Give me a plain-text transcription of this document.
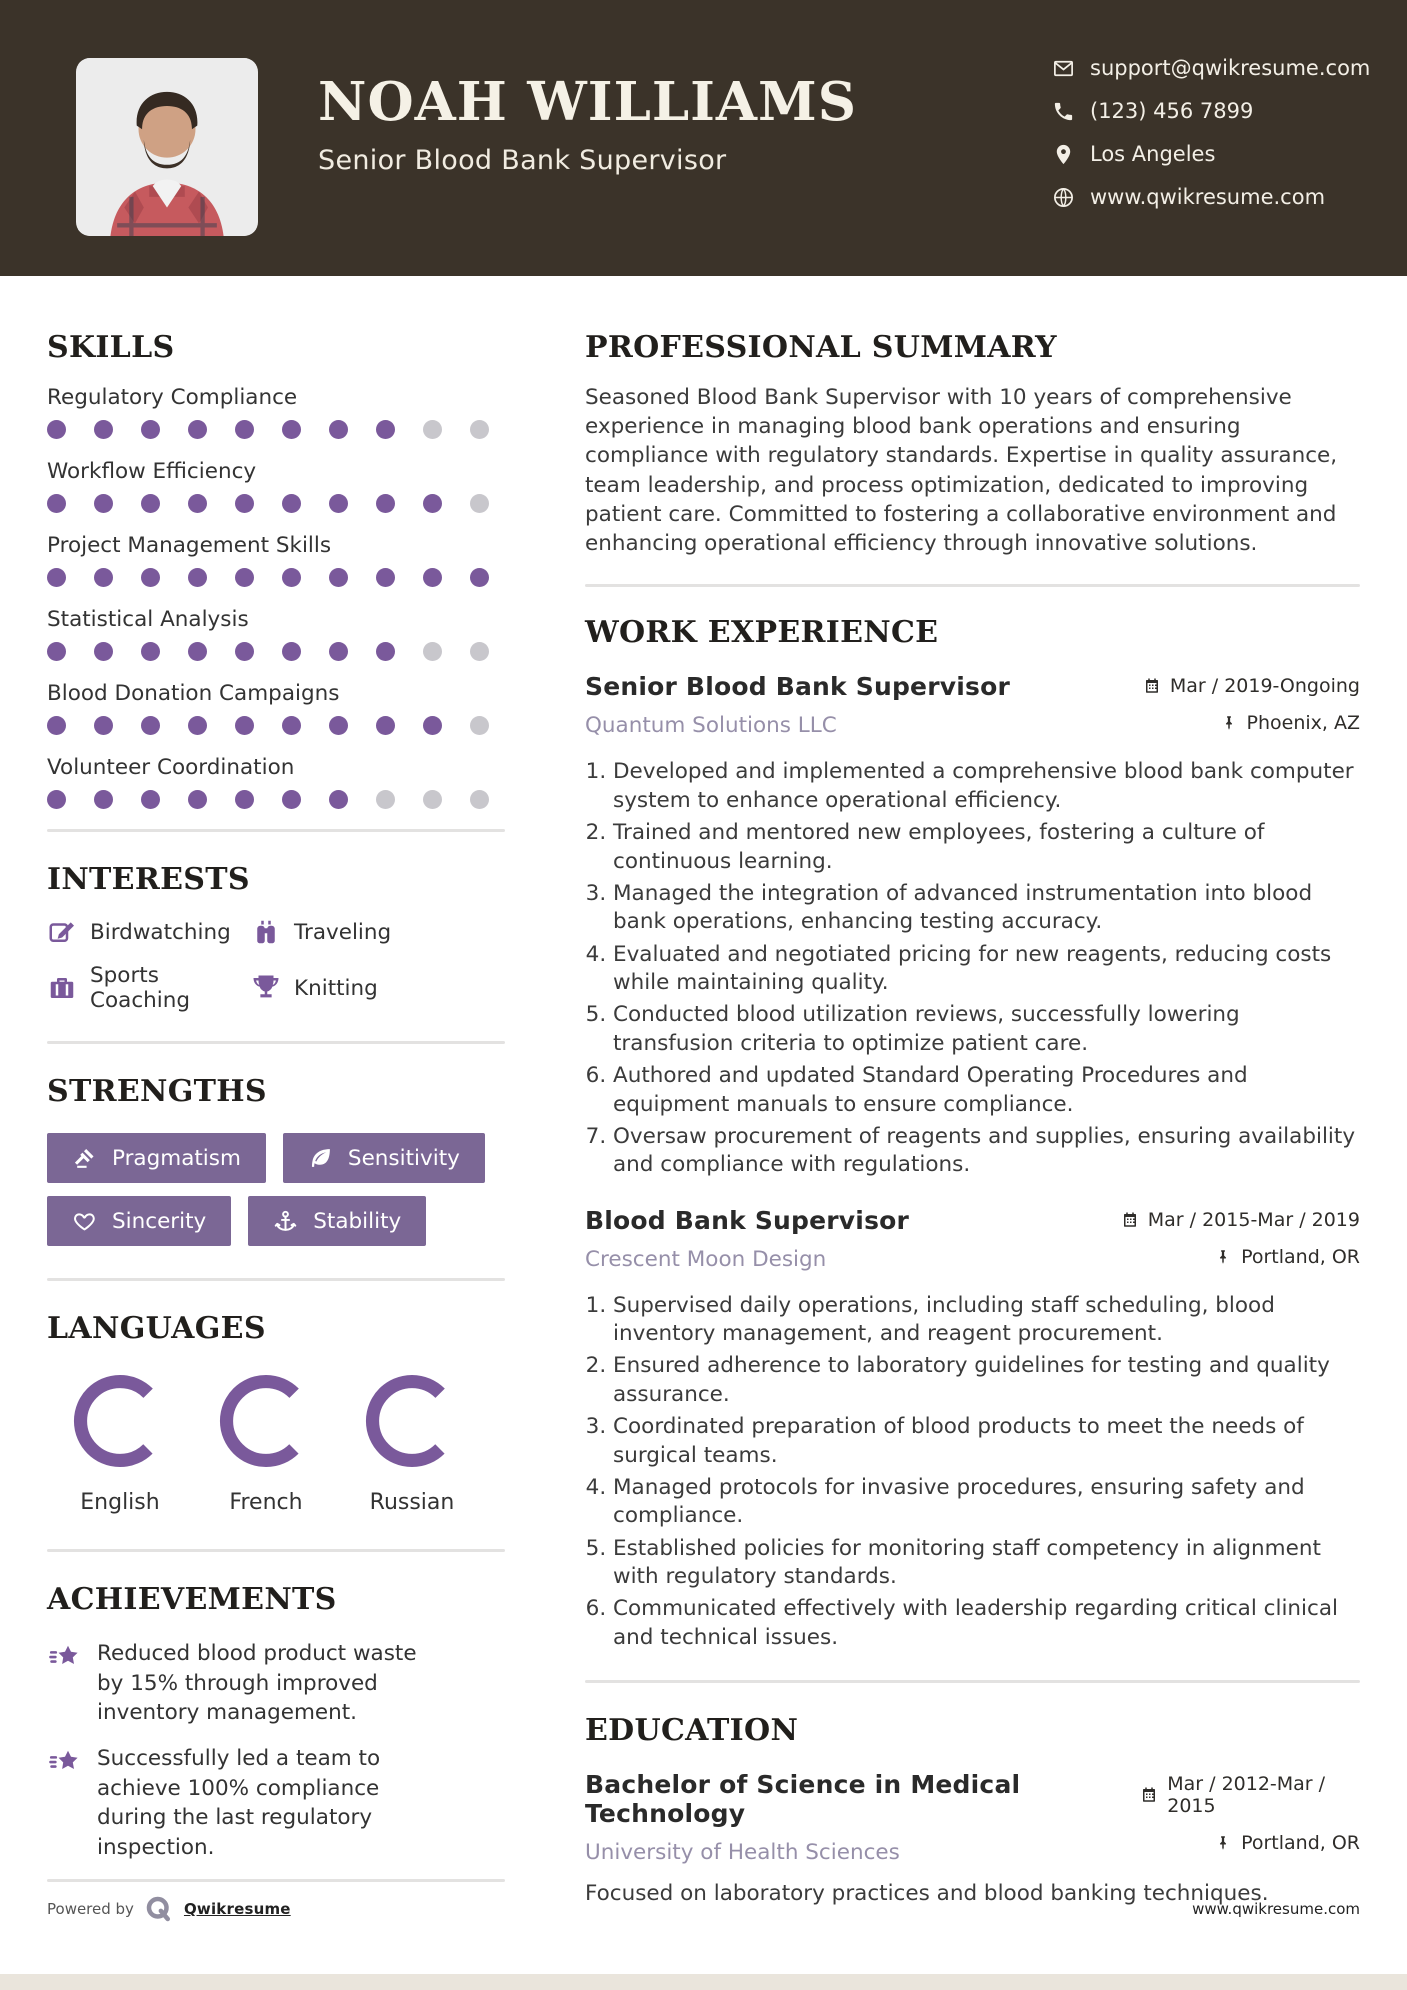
NOAH WILLIAMS
Senior Blood Bank Supervisor
support@qwikresume.com
(123) 456 7899
Los Angeles
www.qwikresume.com
SKILLS
Regulatory Compliance
Workflow Efficiency
Project Management Skills
Statistical Analysis
Blood Donation Campaigns
Volunteer Coordination
INTERESTS
Birdwatching	Traveling
Sports Coaching	Knitting
STRENGTHS
Pragmatism	Sensitivity
Sincerity	Stability
LANGUAGES
English	French	Russian
ACHIEVEMENTS
Reduced blood product waste by 15% through improved inventory management.
Successfully led a team to achieve 100% compliance during the last regulatory inspection.
PROFESSIONAL SUMMARY

Seasoned Blood Bank Supervisor with 10 years of comprehensive experience in managing blood bank operations and ensuring compliance with regulatory standards. Expertise in quality assurance, team leadership, and process optimization, dedicated to improving patient care. Committed to fostering a collaborative environment and enhancing operational efficiency through innovative solutions.

WORK EXPERIENCE
Senior Blood Bank Supervisor
Quantum Solutions LLC
Mar / 2019-Ongoing
Phoenix, AZ
1. Developed and implemented a comprehensive blood bank computer system to enhance operational efficiency.
2. Trained and mentored new employees, fostering a culture of continuous learning.
3. Managed the integration of advanced instrumentation into blood bank operations, enhancing testing accuracy.
4. Evaluated and negotiated pricing for new reagents, reducing costs while maintaining quality.
5. Conducted blood utilization reviews, successfully lowering transfusion criteria to optimize patient care.
6. Authored and updated Standard Operating Procedures and equipment manuals to ensure compliance.
7. Oversaw procurement of reagents and supplies, ensuring availability and compliance with regulations.
Blood Bank Supervisor
Crescent Moon Design
Mar / 2015-Mar / 2019
Portland, OR
1. Supervised daily operations, including staff scheduling, blood inventory management, and reagent procurement.
2. Ensured adherence to laboratory guidelines for testing and quality assurance.
3. Coordinated preparation of blood products to meet the needs of surgical teams.
4. Managed protocols for invasive procedures, ensuring safety and compliance.
5. Established policies for monitoring staff competency in alignment with regulatory standards.
6. Communicated effectively with leadership regarding critical clinical and technical issues.
EDUCATION
Bachelor of Science in Medical Technology
University of Health Sciences
Mar / 2012-Mar / 2015
Portland, OR
Focused on laboratory practices and blood banking techniques.
Powered by	Qwikresume	www.qwikresume.com
